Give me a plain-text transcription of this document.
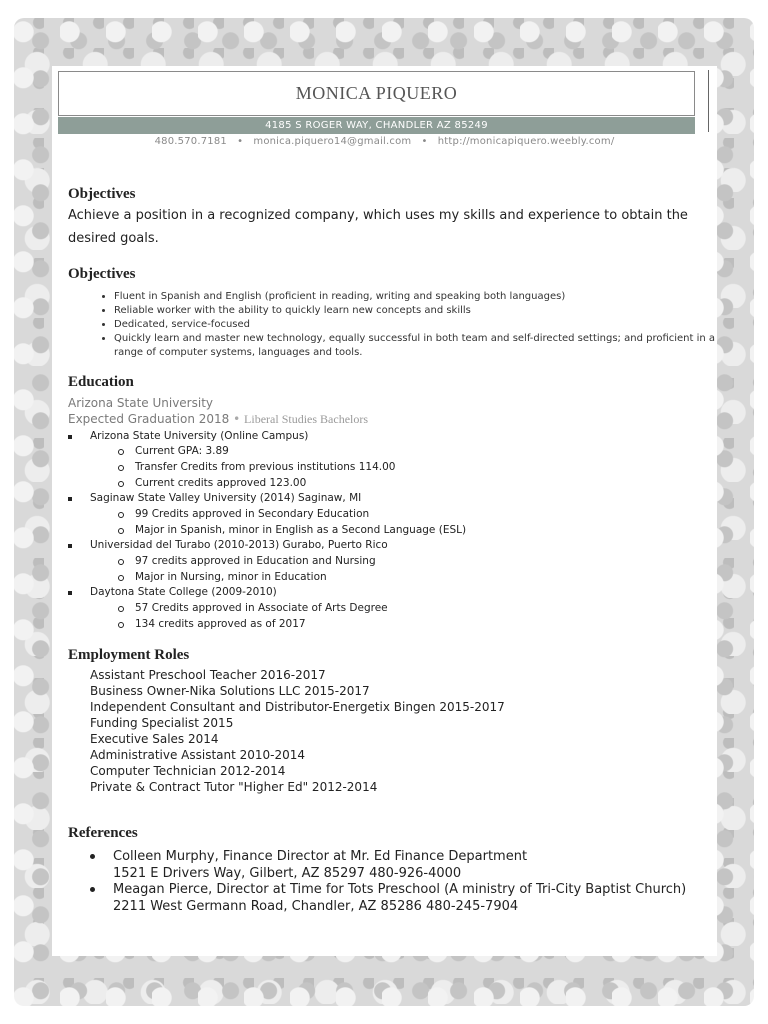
MONICA PIQUERO
4185 S ROGER WAY, CHANDLER AZ 85249
480.570.7181 • monica.piquero14@gmail.com • http://monicapiquero.weebly.com/
Objectives
Achieve a position in a recognized company, which uses my skills and experience to obtain the desired goals.
Objectives
• Fluent in Spanish and English (proficient in reading, writing and speaking both languages)
• Reliable worker with the ability to quickly learn new concepts and skills
• Dedicated, service-focused
• Quickly learn and master new technology, equally successful in both team and self-directed settings; and proficient in a range of computer systems, languages and tools.
Education
Arizona State University
Expected Graduation 2018 • Liberal Studies Bachelors
Arizona State University (Online Campus)
Current GPA: 3.89
Transfer Credits from previous institutions 114.00
Current credits approved 123.00
Saginaw State Valley University (2014) Saginaw, MI
99 Credits approved in Secondary Education
Major in Spanish, minor in English as a Second Language (ESL)
Universidad del Turabo (2010-2013) Gurabo, Puerto Rico
97 credits approved in Education and Nursing
Major in Nursing, minor in Education
Daytona State College (2009-2010)
57 Credits approved in Associate of Arts Degree
134 credits approved as of 2017
Employment Roles
Assistant Preschool Teacher 2016-2017
Business Owner-Nika Solutions LLC 2015-2017
Independent Consultant and Distributor-Energetix Bingen 2015-2017
Funding Specialist 2015
Executive Sales 2014
Administrative Assistant 2010-2014
Computer Technician 2012-2014
Private & Contract Tutor "Higher Ed" 2012-2014
References
Colleen Murphy, Finance Director at Mr. Ed Finance Department
1521 E Drivers Way, Gilbert, AZ 85297 480-926-4000
Meagan Pierce, Director at Time for Tots Preschool (A ministry of Tri-City Baptist Church)
2211 West Germann Road, Chandler, AZ 85286 480-245-7904
